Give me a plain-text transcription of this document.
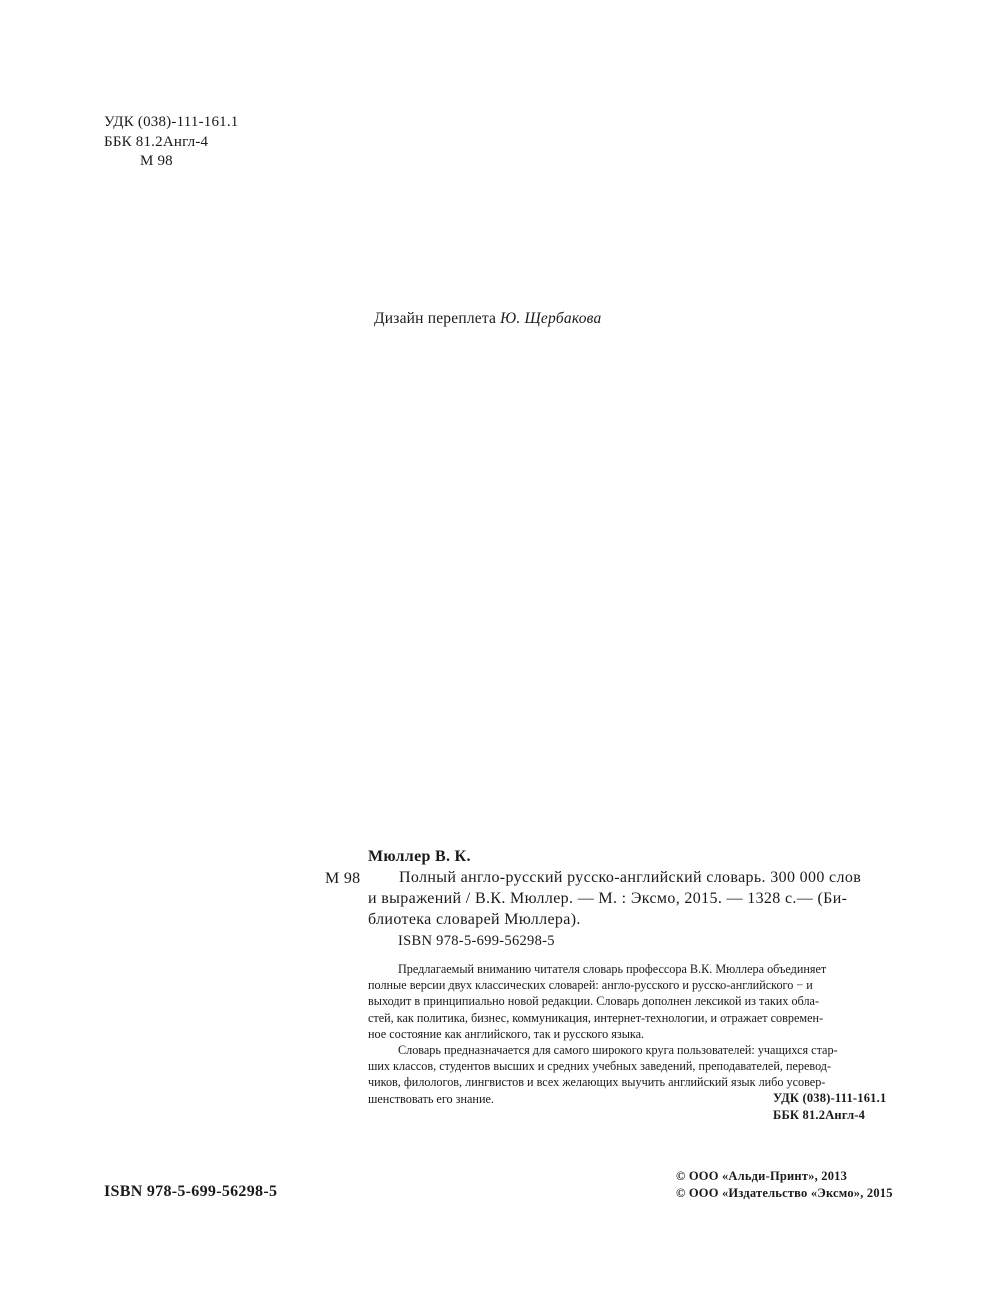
УДК (038)-111-161.1
ББК 81.2Англ-4
М 98
Дизайн переплета Ю. Щербакова
Мюллер В. К.
М 98	Полный англо-русский русско-английский словарь. 300 000 слов
и выражений / В.К. Мюллер. — М. : Эксмо, 2015. — 1328 с.— (Би-
блиотека словарей Мюллера).
ISBN 978-5-699-56298-5
Предлагаемый вниманию читателя словарь профессора В.К. Мюллера объединяет
полные версии двух классических словарей: англо-русского и русско-английского − и
выходит в принципиально новой редакции. Словарь дополнен лексикой из таких обла-
стей, как политика, бизнес, коммуникация, интернет-технологии, и отражает современ-
ное состояние как английского, так и русского языка.
Словарь предназначается для самого широкого круга пользователей: учащихся стар-
ших классов, студентов высших и средних учебных заведений, преподавателей, перевод-
чиков, филологов, лингвистов и всех желающих выучить английский язык либо усовер-
шенствовать его знание.	УДК (038)-111-161.1
ББК 81.2Англ-4
ISBN 978-5-699-56298-5
© ООО «Альди-Принт», 2013
© ООО «Издательство «Эксмо», 2015
